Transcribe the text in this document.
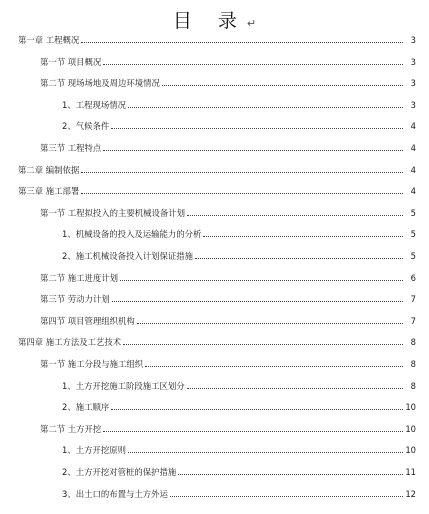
目 录↵
第一章 工程概况	3
第一节 项目概况	3
第二节 现场场地及周边环境情况	3
1、工程现场情况	3
2、气候条件	4
第三节 工程特点	4
第二章 编制依据	4
第三章 施工部署	4
第一节 工程拟投入的主要机械设备计划	5
1、机械设备的投入及运输能力的分析	5
2、施工机械设备投入计划保证措施	5
第二节 施工进度计划	6
第三节 劳动力计划	7
第四节 项目管理组织机构	7
第四章 施工方法及工艺技术	8
第一节 施工分段与施工组织	8
1、土方开挖施工阶段施工区划分	8
2、施工顺序	10
第二节 土方开挖	10
1、土方开挖原则	10
2、土方开挖对管桩的保护措施	11
3、出土口的布置与土方外运	12
